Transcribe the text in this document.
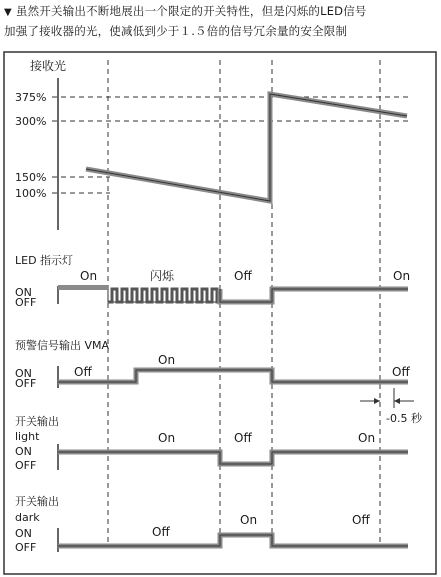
▼ 虽然开关输出不断地展出一个限定的开关特性，但是闪烁的LED信号
加强了接收器的光，使减低到少于１.５倍的信号冗余量的安全限制
接收光
375%
300%
150%
100%
LED 指示灯
ON
OFF
On	闪烁	Off	On
预警信号输出 VMA
ON
OFF
Off
On
Off
-0.5 秒
开关输出
light
ON
OFF
On	Off	On
开关输出
dark
ON
OFF
Off
On	Off
